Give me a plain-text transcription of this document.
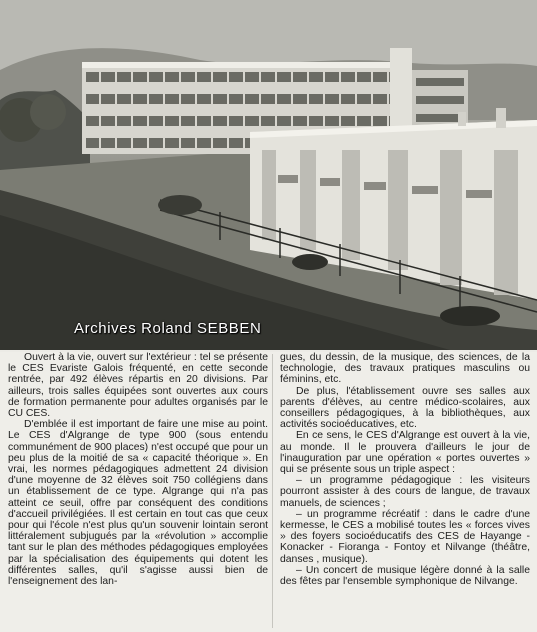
Archives Roland SEBBEN

Ouvert à la vie, ouvert sur l'extérieur : tel se présente le CES Evariste Galois fréquenté, en cette seconde rentrée, par 492 élèves répartis en 20 divisions. Par ailleurs, trois salles équipées sont ouvertes aux cours de formation permanente pour adultes organisés par le CU CES.

D'emblée il est important de faire une mise au point. Le CES d'Algrange de type 900 (sous entendu communément de 900 places) n'est occupé que pour un peu plus de la moitié de sa « capacité théorique ». En vrai, les normes pédagogiques admettent 24 division d'une moyenne de 32 élèves soit 750 collégiens dans un établissement de ce type. Algrange qui n'a pas atteint ce seuil, offre par conséquent des conditions d'accueil privilégiées. Il est certain en tout cas que ceux pour qui l'école n'est plus qu'un souvenir lointain seront littéralement subjugués par la «révolution » accomplie tant sur le plan des méthodes pédagogiques employées par la spécialisation des équipements qui dotent les différentes salles, qu'il s'agisse aussi bien de l'enseignement des lan-

gues, du dessin, de la musique, des sciences, de la technologie, des travaux pratiques masculins ou féminins, etc.

De plus, l'établissement ouvre ses salles aux parents d'élèves, au centre médico-scolaires, aux conseillers pédagogiques, à la bibliothèques, aux activités socioéducatives, etc.

En ce sens, le CES d'Algrange est ouvert à la vie, au monde. Il le prouvera d'ailleurs le jour de l'inauguration par une opération « portes ouvertes » qui se présente sous un triple aspect :

– un programme pédagogique : les visiteurs pourront assister à des cours de langue, de travaux manuels, de sciences ;

– un programme récréatif : dans le cadre d'une kermesse, le CES a mobilisé toutes les « forces vives » des foyers socioéducatifs des CES de Hayange - Konacker - Fioranga - Fontoy et Nilvange (théâtre, danses , musique).

– Un concert de musique légère donné à la salle des fêtes par l'ensemble symphonique de Nilvange.
